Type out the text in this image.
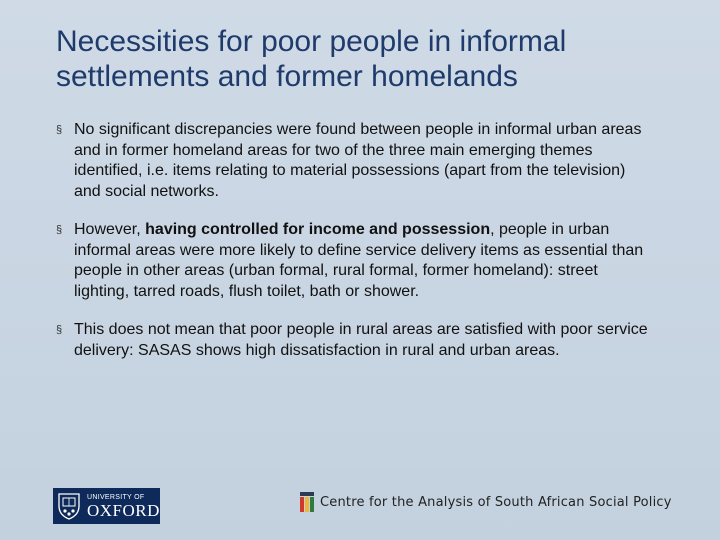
Necessities for poor people in informal settlements and former homelands
§ No significant discrepancies were found between people in informal urban areas and in former homeland areas for two of the three main emerging themes identified, i.e. items relating to material possessions (apart from the television) and social networks.
§ However, having controlled for income and possession, people in urban informal areas were more likely to define service delivery items as essential than people in other areas (urban formal, rural formal, former homeland): street lighting, tarred roads, flush toilet, bath or shower.
§ This does not mean that poor people in rural areas are satisfied with poor service delivery: SASAS shows high dissatisfaction in rural and urban areas.
UNIVERSITY OF
OXFORD	Centre for the Analysis of South African Social Policy
